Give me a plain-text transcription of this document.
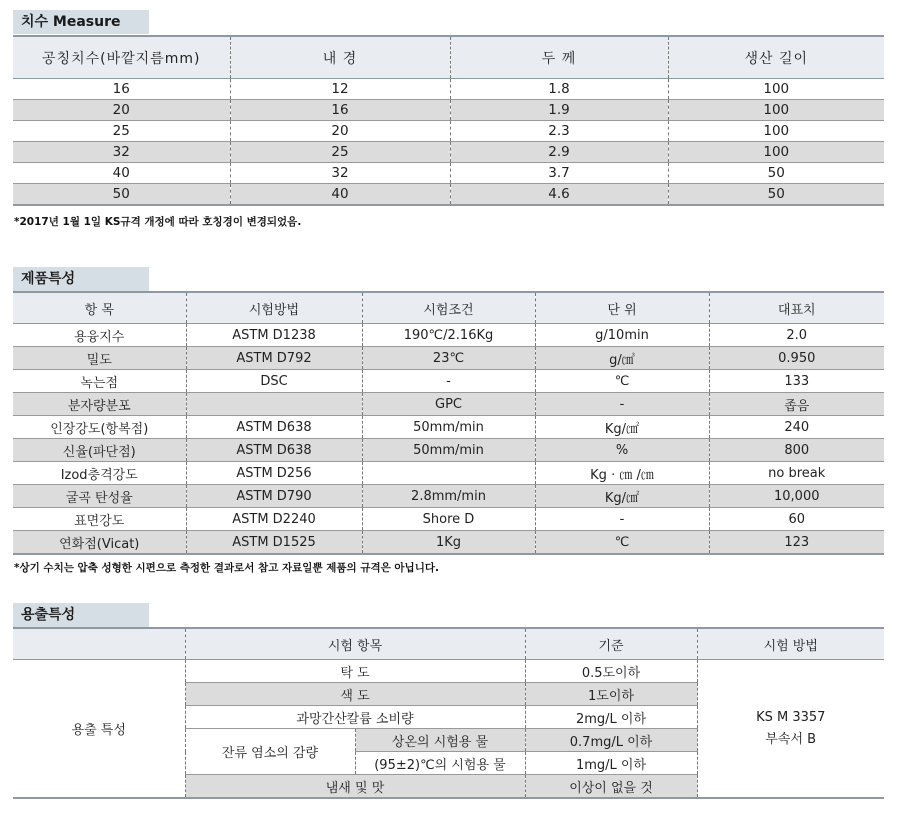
치수 Measure
공칭치수(바깥지름mm)	내 경	두 께	생산 길이
16	12	1.8	100
20	16	1.9	100
25	20	2.3	100
32	25	2.9	100
40	32	3.7	50
50	40	4.6	50
*2017년 1월 1일 KS규격 개정에 따라 호칭경이 변경되었음.
제품특성
항 목	시험방법	시험조건	단 위	대표치
용융지수	ASTM D1238	190℃/2.16Kg	g/10min	2.0
밀도	ASTM D792	23℃	g/㎤	0.950
녹는점	DSC	-	℃	133
분자량분포		GPC	-	좁음
인장강도(항복점)	ASTM D638	50mm/min	Kg/㎠	240
신율(파단점)	ASTM D638	50mm/min	%	800
Izod충격강도	ASTM D256		Kg · ㎝ /㎝	no break
굴곡 탄성율	ASTM D790	2.8mm/min	Kg/㎠	10,000
표면강도	ASTM D2240	Shore D	-	60
연화점(Vicat)	ASTM D1525	1Kg	℃	123
*상기 수치는 압축 성형한 시편으로 측정한 결과로서 참고 자료일뿐 제품의 규격은 아닙니다.
용출특성
	시험 항목		기준	시험 방법
용출 특성	탁 도		0.5도이하	KS M 3357
부속서 B

	색 도		1도이하	
	과망간산칼륨 소비량		2mg/L 이하	
	잔류 염소의 감량	상온의 시험용 물	0.7mg/L 이하	
		(95±2)℃의 시험용 물	1mg/L 이하	
	냄새 및 맛		이상이 없을 것	
